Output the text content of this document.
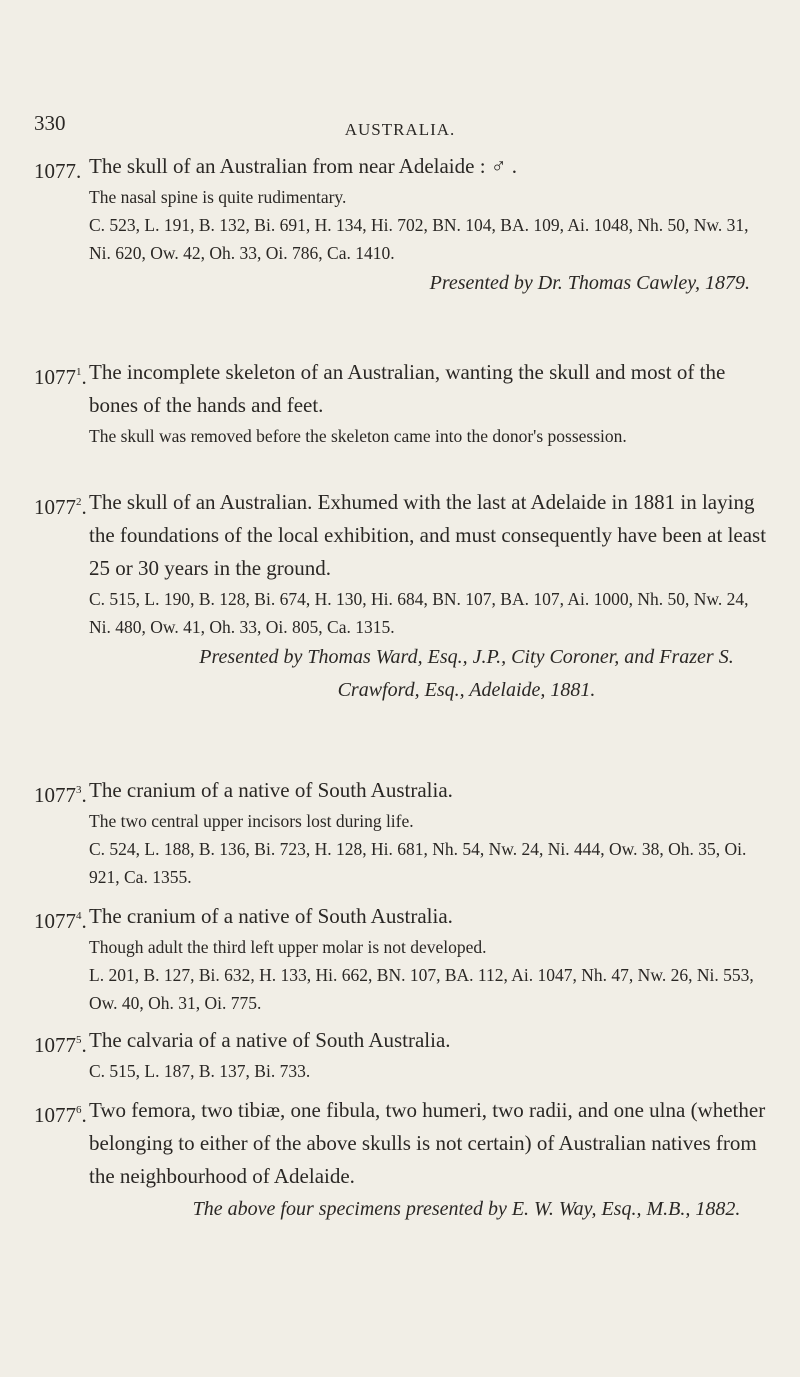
330	AUSTRALIA.
1077. The skull of an Australian from near Adelaide : ♂ .
The nasal spine is quite rudimentary.
C. 523, L. 191, B. 132, Bi. 691, H. 134, Hi. 702, BN. 104, BA. 109, Ai. 1048, Nh. 50, Nw. 31, Ni. 620, Ow. 42, Oh. 33, Oi. 786, Ca. 1410.
Presented by Dr. Thomas Cawley, 1879.
1077$^1$. The incomplete skeleton of an Australian, wanting the skull and most of the bones of the hands and feet.
The skull was removed before the skeleton came into the donor's possession.
1077$^2$. The skull of an Australian. Exhumed with the last at Adelaide in 1881 in laying the foundations of the local exhibition, and must consequently have been at least 25 or 30 years in the ground.
C. 515, L. 190, B. 128, Bi. 674, H. 130, Hi. 684, BN. 107, BA. 107, Ai. 1000, Nh. 50, Nw. 24, Ni. 480, Ow. 41, Oh. 33, Oi. 805, Ca. 1315.
Presented by Thomas Ward, Esq., J.P., City Coroner, and Frazer S. Crawford, Esq., Adelaide, 1881.
1077$^3$. The cranium of a native of South Australia.
The two central upper incisors lost during life.
C. 524, L. 188, B. 136, Bi. 723, H. 128, Hi. 681, Nh. 54, Nw. 24, Ni. 444, Ow. 38, Oh. 35, Oi. 921, Ca. 1355.
1077$^4$. The cranium of a native of South Australia.
Though adult the third left upper molar is not developed.
L. 201, B. 127, Bi. 632, H. 133, Hi. 662, BN. 107, BA. 112, Ai. 1047, Nh. 47, Nw. 26, Ni. 553, Ow. 40, Oh. 31, Oi. 775.
1077$^5$. The calvaria of a native of South Australia.
C. 515, L. 187, B. 137, Bi. 733.
1077$^6$. Two femora, two tibiæ, one fibula, two humeri, two radii, and one ulna (whether belonging to either of the above skulls is not certain) of Australian natives from the neighbourhood of Adelaide.
The above four specimens presented by E. W. Way, Esq., M.B., 1882.
